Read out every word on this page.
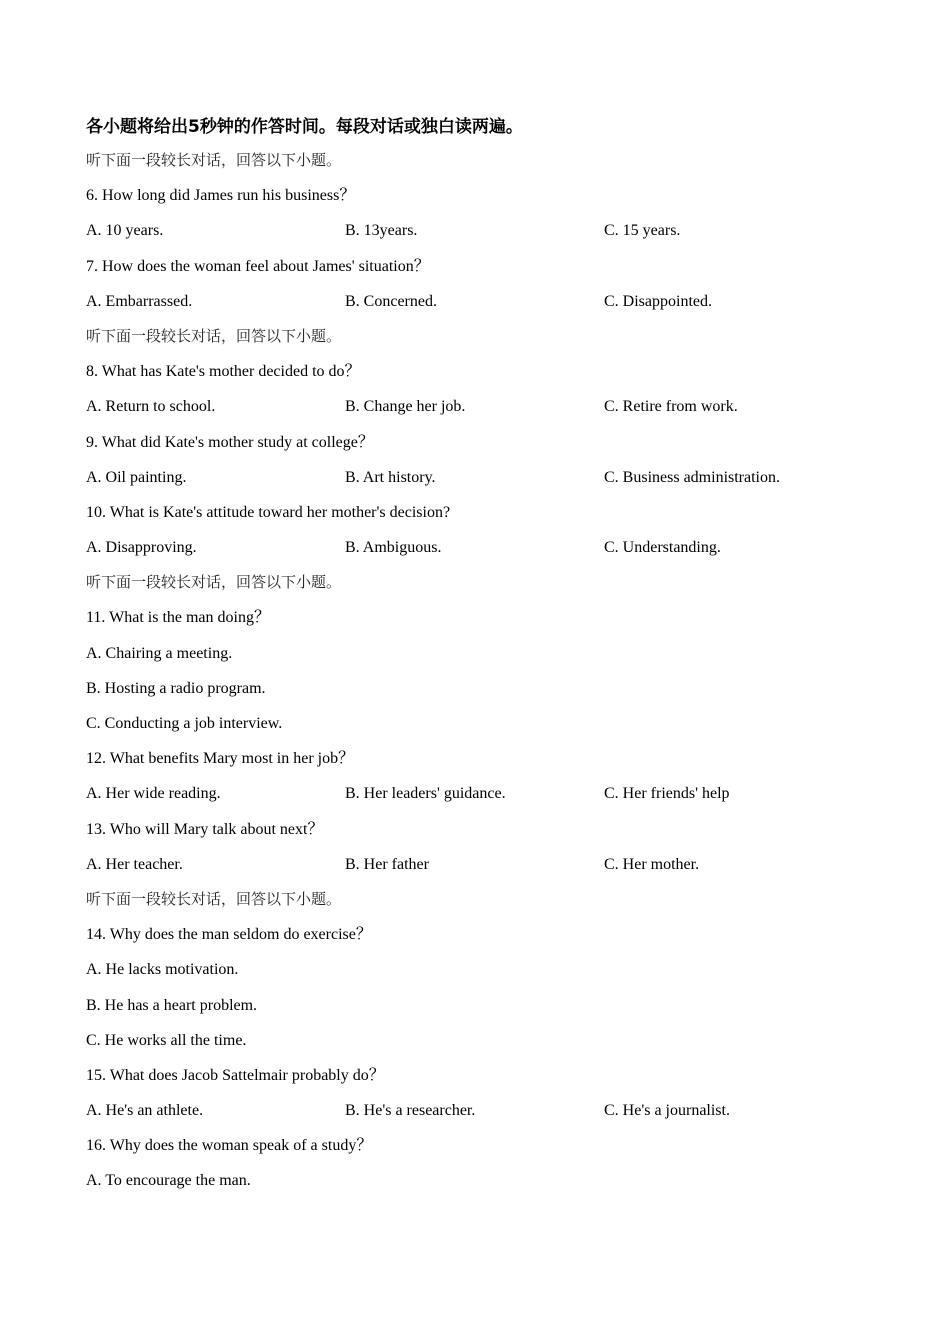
各小题将给出5秒钟的作答时间。每段对话或独白读两遍。
听下面一段较长对话，回答以下小题。
6. How long did James run his business？
A. 10 years.	B. 13years.	C. 15 years.
7. How does the woman feel about James' situation？
A. Embarrassed.	B. Concerned.	C. Disappointed.
听下面一段较长对话，回答以下小题。
8. What has Kate's mother decided to do？
A. Return to school.	B. Change her job.	C. Retire from work.
9. What did Kate's mother study at college？
A. Oil painting.	B. Art history.	C. Business administration.
10. What is Kate's attitude toward her mother's decision?
A. Disapproving.	B. Ambiguous.	C. Understanding.
听下面一段较长对话，回答以下小题。
11. What is the man doing？
A. Chairing a meeting.
B. Hosting a radio program.
C. Conducting a job interview.
12. What benefits Mary most in her job？
A. Her wide reading.	B. Her leaders' guidance.	C. Her friends' help
13. Who will Mary talk about next？
A. Her teacher.	B. Her father	C. Her mother.
听下面一段较长对话，回答以下小题。
14. Why does the man seldom do exercise？
A. He lacks motivation.
B. He has a heart problem.
C. He works all the time.
15. What does Jacob Sattelmair probably do？
A. He's an athlete.	B. He's a researcher.	C. He's a journalist.
16. Why does the woman speak of a study？
A. To encourage the man.
